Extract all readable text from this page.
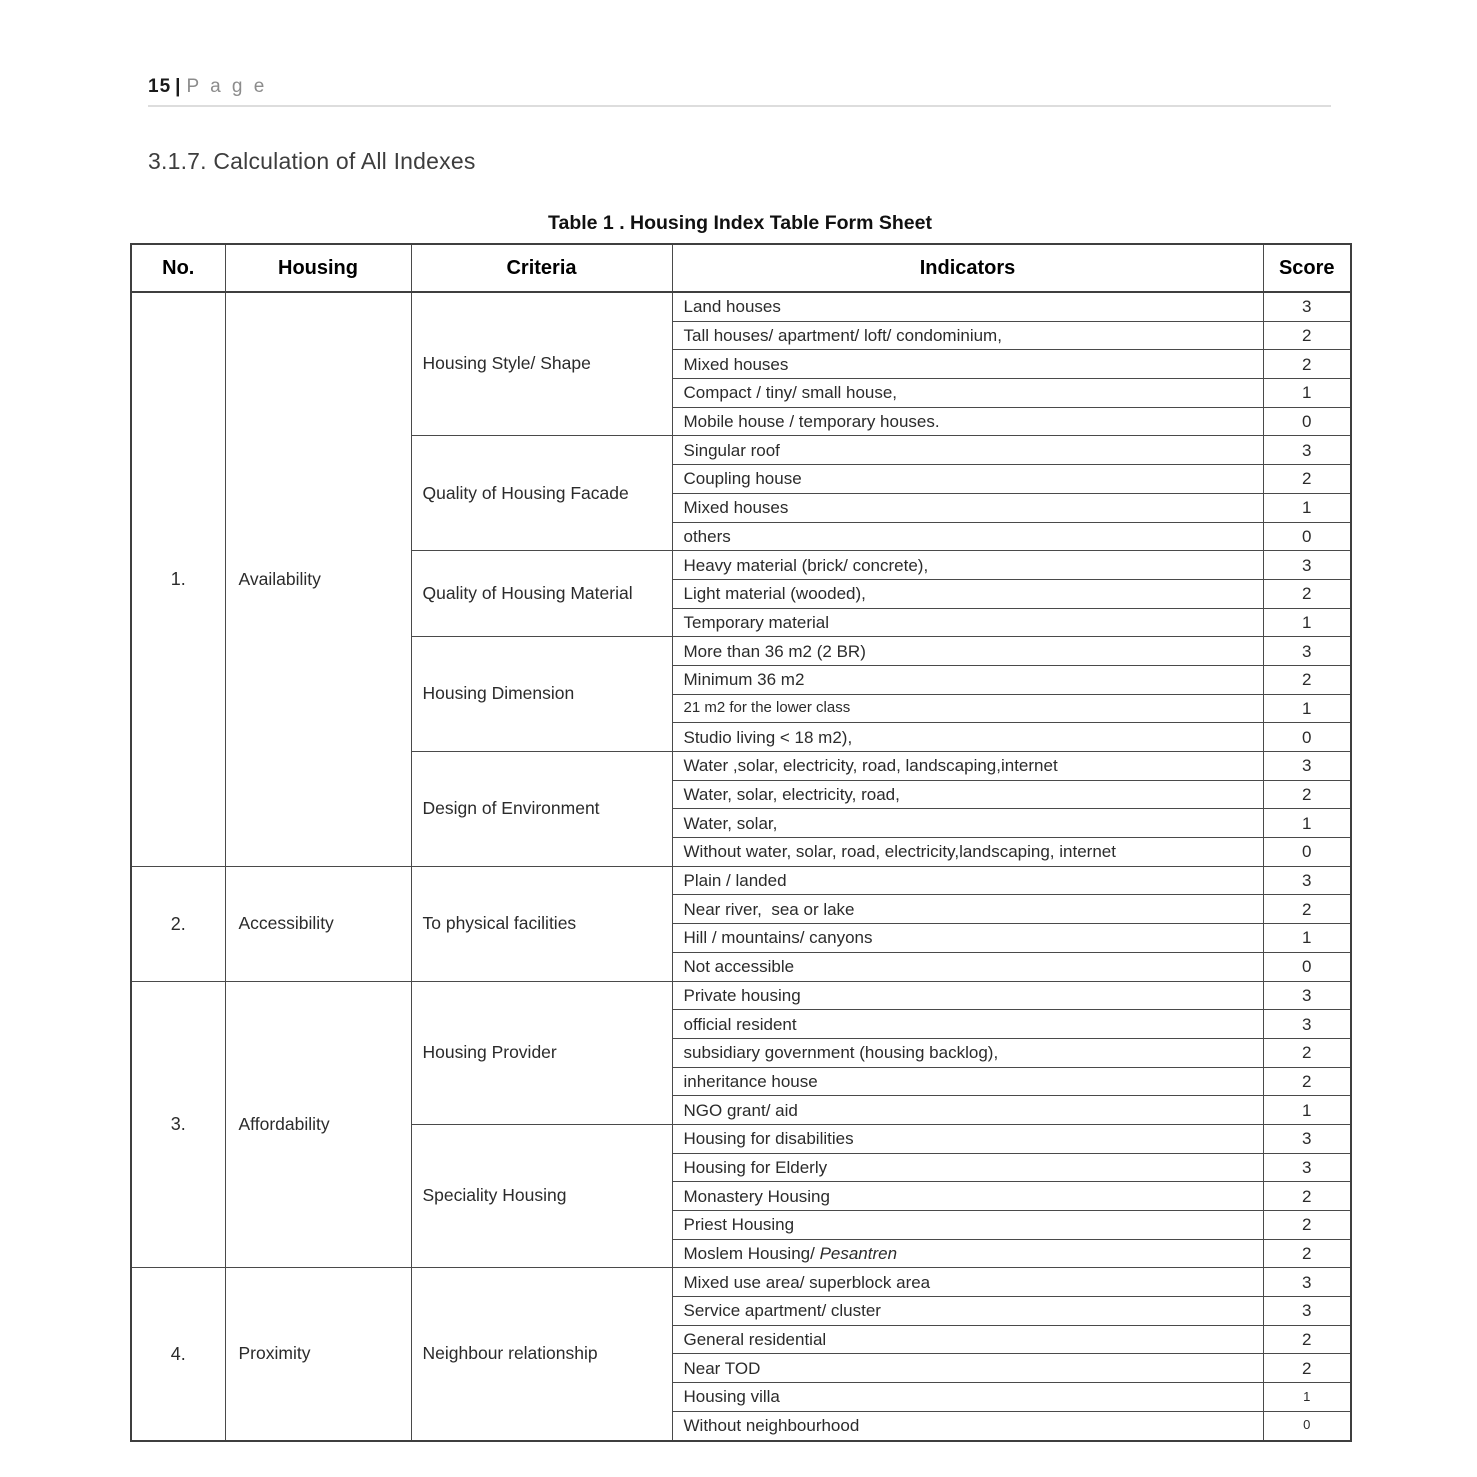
15 | P a g e
3.1.7. Calculation of All Indexes
Table 1 . Housing Index Table Form Sheet
No.	Housing	Criteria	Indicators	Score
1.	Availability	Housing Style/ Shape	Land houses	3
			Tall houses/ apartment/ loft/ condominium,	2
			Mixed houses	2
			Compact / tiny/ small house,	1
			Mobile house / temporary houses.	0
		Quality of Housing Facade	Singular roof	3
			Coupling house	2
			Mixed houses	1
			others	0
		Quality of Housing Material	Heavy material (brick/ concrete),	3
			Light material (wooded),	2
			Temporary material	1
		Housing Dimension	More than 36 m2 (2 BR)	3
			Minimum 36 m2	2
			21 m2 for the lower class	1
			Studio living < 18 m2),	0
		Design of Environment	Water ,solar, electricity, road, landscaping,internet	3
			Water, solar, electricity, road,	2
			Water, solar,	1
			Without water, solar, road, electricity,landscaping, internet	0
2.	Accessibility	To physical facilities	Plain / landed	3
			Near river,  sea or lake	2
			Hill / mountains/ canyons	1
			Not accessible	0
3.	Affordability	Housing Provider	Private housing	3
			official resident	3
			subsidiary government (housing backlog),	2
			inheritance house	2
			NGO grant/ aid	1
		Speciality Housing	Housing for disabilities	3
			Housing for Elderly	3
			Monastery Housing	2
			Priest Housing	2
			Moslem Housing/ Pesantren	2
4.	Proximity	Neighbour relationship	Mixed use area/ superblock area	3
			Service apartment/ cluster	3
			General residential	2
			Near TOD	2
			Housing villa	1
			Without neighbourhood	0
